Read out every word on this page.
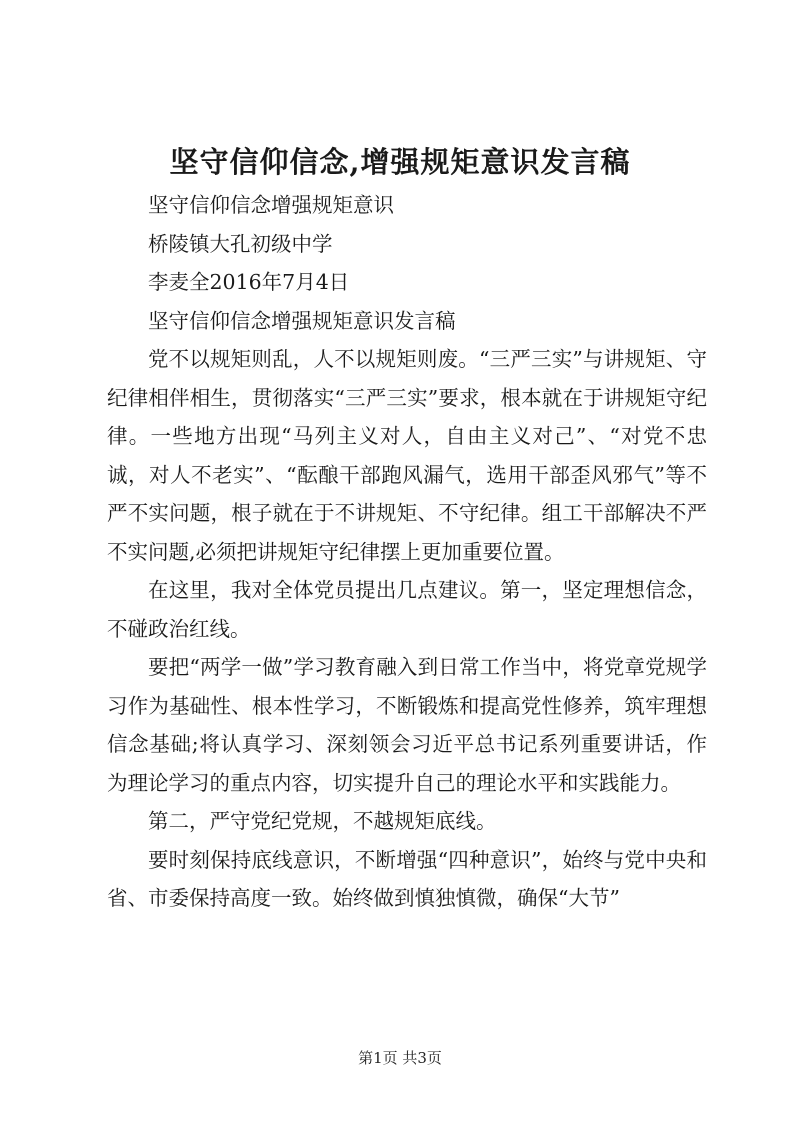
坚守信仰信念,增强规矩意识发言稿

坚守信仰信念增强规矩意识

桥陵镇大孔初级中学

李麦全2016年7月4日

坚守信仰信念增强规矩意识发言稿

党不以规矩则乱，人不以规矩则废。“三严三实”与讲规矩、守纪律相伴相生，贯彻落实“三严三实”要求，根本就在于讲规矩守纪律。一些地方出现“马列主义对人，自由主义对己”、“对党不忠诚，对人不老实”、“酝酿干部跑风漏气，选用干部歪风邪气”等不严不实问题，根子就在于不讲规矩、不守纪律。组工干部解决不严不实问题,必须把讲规矩守纪律摆上更加重要位置。

在这里，我对全体党员提出几点建议。第一，坚定理想信念，不碰政治红线。

要把“两学一做”学习教育融入到日常工作当中，将党章党规学习作为基础性、根本性学习，不断锻炼和提高党性修养，筑牢理想信念基础;将认真学习、深刻领会习近平总书记系列重要讲话，作为理论学习的重点内容，切实提升自己的理论水平和实践能力。

第二，严守党纪党规，不越规矩底线。

要时刻保持底线意识，不断增强“四种意识”，始终与党中央和省、市委保持高度一致。始终做到慎独慎微，确保“大节”

第1页 共3页
